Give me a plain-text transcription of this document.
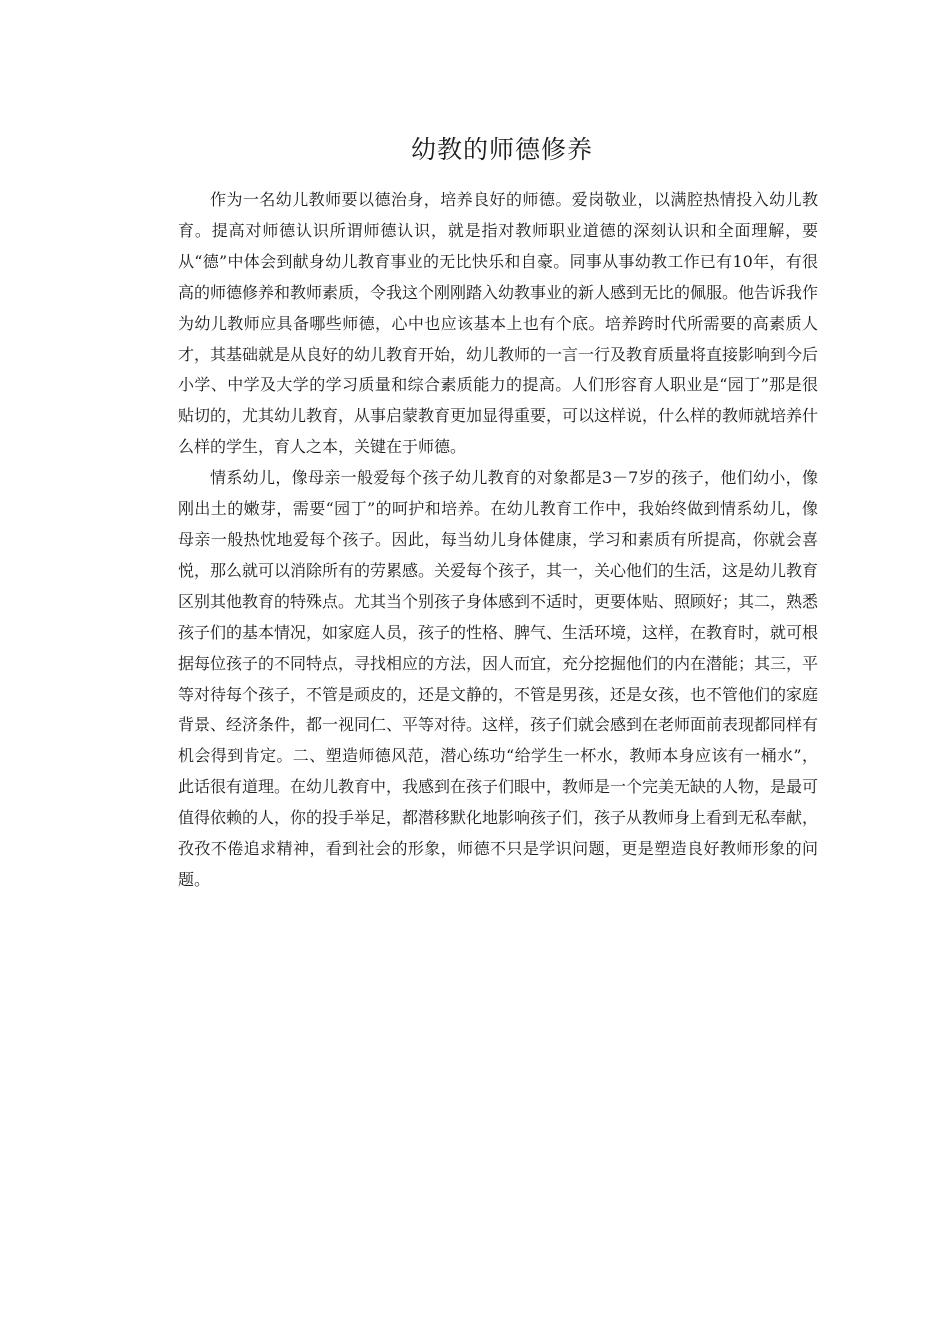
幼教的师德修养

作为一名幼儿教师要以德治身，培养良好的师德。爱岗敬业，以满腔热情投入幼儿教育。提高对师德认识所谓师德认识，就是指对教师职业道德的深刻认识和全面理解，要从“德”中体会到献身幼儿教育事业的无比快乐和自豪。同事从事幼教工作已有10年，有很高的师德修养和教师素质，令我这个刚刚踏入幼教事业的新人感到无比的佩服。他告诉我作为幼儿教师应具备哪些师德，心中也应该基本上也有个底。培养跨时代所需要的高素质人才，其基础就是从良好的幼儿教育开始，幼儿教师的一言一行及教育质量将直接影响到今后小学、中学及大学的学习质量和综合素质能力的提高。人们形容育人职业是“园丁”那是很贴切的，尤其幼儿教育，从事启蒙教育更加显得重要，可以这样说，什么样的教师就培养什么样的学生，育人之本，关键在于师德。

情系幼儿，像母亲一般爱每个孩子幼儿教育的对象都是3－7岁的孩子，他们幼小，像刚出土的嫩芽，需要“园丁”的呵护和培养。在幼儿教育工作中，我始终做到情系幼儿，像母亲一般热忱地爱每个孩子。因此，每当幼儿身体健康，学习和素质有所提高，你就会喜悦，那么就可以消除所有的劳累感。关爱每个孩子，其一，关心他们的生活，这是幼儿教育区别其他教育的特殊点。尤其当个别孩子身体感到不适时，更要体贴、照顾好；其二，熟悉孩子们的基本情况，如家庭人员，孩子的性格、脾气、生活环境，这样，在教育时，就可根据每位孩子的不同特点，寻找相应的方法，因人而宜，充分挖掘他们的内在潜能；其三，平等对待每个孩子，不管是顽皮的，还是文静的，不管是男孩，还是女孩，也不管他们的家庭背景、经济条件，都一视同仁、平等对待。这样，孩子们就会感到在老师面前表现都同样有机会得到肯定。二、塑造师德风范，潜心练功“给学生一杯水，教师本身应该有一桶水”，此话很有道理。在幼儿教育中，我感到在孩子们眼中，教师是一个完美无缺的人物，是最可值得依赖的人，你的投手举足，都潜移默化地影响孩子们，孩子从教师身上看到无私奉献，孜孜不倦追求精神，看到社会的形象，师德不只是学识问题，更是塑造良好教师形象的问题。
